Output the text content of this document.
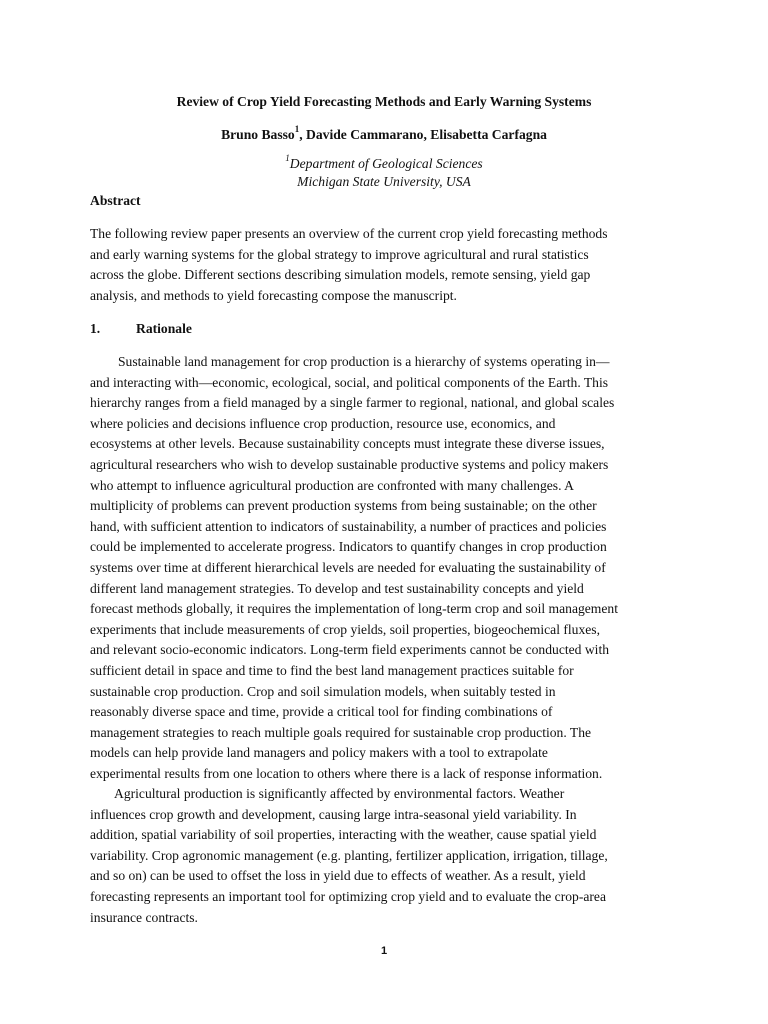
Review of Crop Yield Forecasting Methods and Early Warning Systems
Bruno Basso$^1$, Davide Cammarano, Elisabetta Carfagna
$^1$Department of Geological Sciences
Michigan State University, USA
Abstract
The following review paper presents an overview of the current crop yield forecasting methods
and early warning systems for the global strategy to improve agricultural and rural statistics
across the globe. Different sections describing simulation models, remote sensing, yield gap
analysis, and methods to yield forecasting compose the manuscript.
1.	Rationale
Sustainable land management for crop production is a hierarchy of systems operating in—
and interacting with—economic, ecological, social, and political components of the Earth. This
hierarchy ranges from a field managed by a single farmer to regional, national, and global scales
where policies and decisions influence crop production, resource use, economics, and
ecosystems at other levels. Because sustainability concepts must integrate these diverse issues,
agricultural researchers who wish to develop sustainable productive systems and policy makers
who attempt to influence agricultural production are confronted with many challenges. A
multiplicity of problems can prevent production systems from being sustainable; on the other
hand, with sufficient attention to indicators of sustainability, a number of practices and policies
could be implemented to accelerate progress. Indicators to quantify changes in crop production
systems over time at different hierarchical levels are needed for evaluating the sustainability of
different land management strategies. To develop and test sustainability concepts and yield
forecast methods globally, it requires the implementation of long-term crop and soil management
experiments that include measurements of crop yields, soil properties, biogeochemical fluxes,
and relevant socio-economic indicators. Long-term field experiments cannot be conducted with
sufficient detail in space and time to find the best land management practices suitable for
sustainable crop production. Crop and soil simulation models, when suitably tested in
reasonably diverse space and time, provide a critical tool for finding combinations of
management strategies to reach multiple goals required for sustainable crop production. The
models can help provide land managers and policy makers with a tool to extrapolate
experimental results from one location to others where there is a lack of response information.
Agricultural production is significantly affected by environmental factors. Weather
influences crop growth and development, causing large intra-seasonal yield variability. In
addition, spatial variability of soil properties, interacting with the weather, cause spatial yield
variability. Crop agronomic management (e.g. planting, fertilizer application, irrigation, tillage,
and so on) can be used to offset the loss in yield due to effects of weather. As a result, yield
forecasting represents an important tool for optimizing crop yield and to evaluate the crop-area
insurance contracts.
1
